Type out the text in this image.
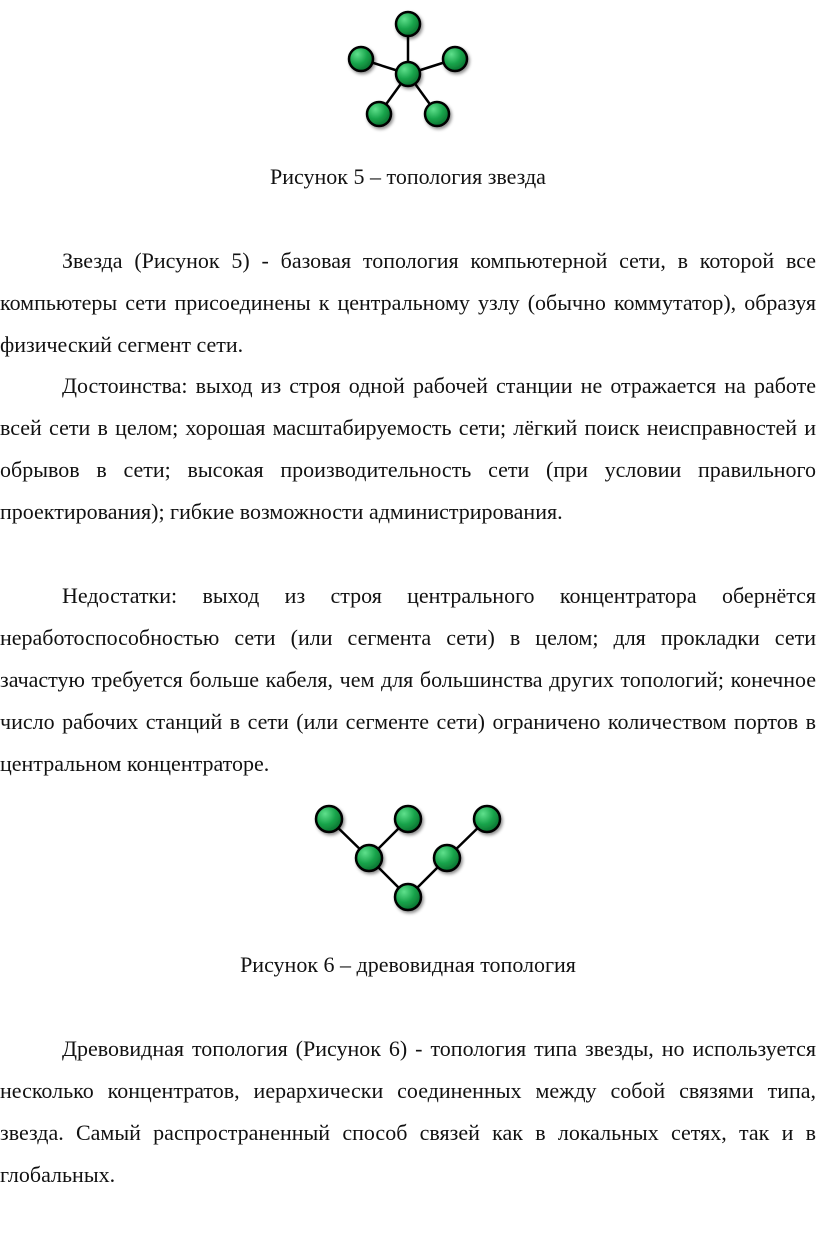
Рисунок 5 – топология звезда

Звезда (Рисунок 5) - базовая топология компьютерной сети, в которой все компьютеры сети присоединены к центральному узлу (обычно коммутатор), образуя физический сегмент сети.

Достоинства: выход из строя одной рабочей станции не отражается на работе всей сети в целом; хорошая масштабируемость сети; лёгкий поиск неисправностей и обрывов в сети; высокая производительность сети (при условии правильного проектирования); гибкие возможности администрирования.

Недостатки: выход из строя центрального концентратора обернётся неработоспособностью сети (или сегмента сети) в целом; для прокладки сети зачастую требуется больше кабеля, чем для большинства других топологий; конечное число рабочих станций в сети (или сегменте сети) ограничено количеством портов в центральном концентраторе.

Рисунок 6 – древовидная топология

Древовидная топология (Рисунок 6) - топология типа звезды, но используется несколько концентратов, иерархически соединенных между собой связями типа, звезда. Самый распространенный способ связей как в локальных сетях, так и в глобальных.
